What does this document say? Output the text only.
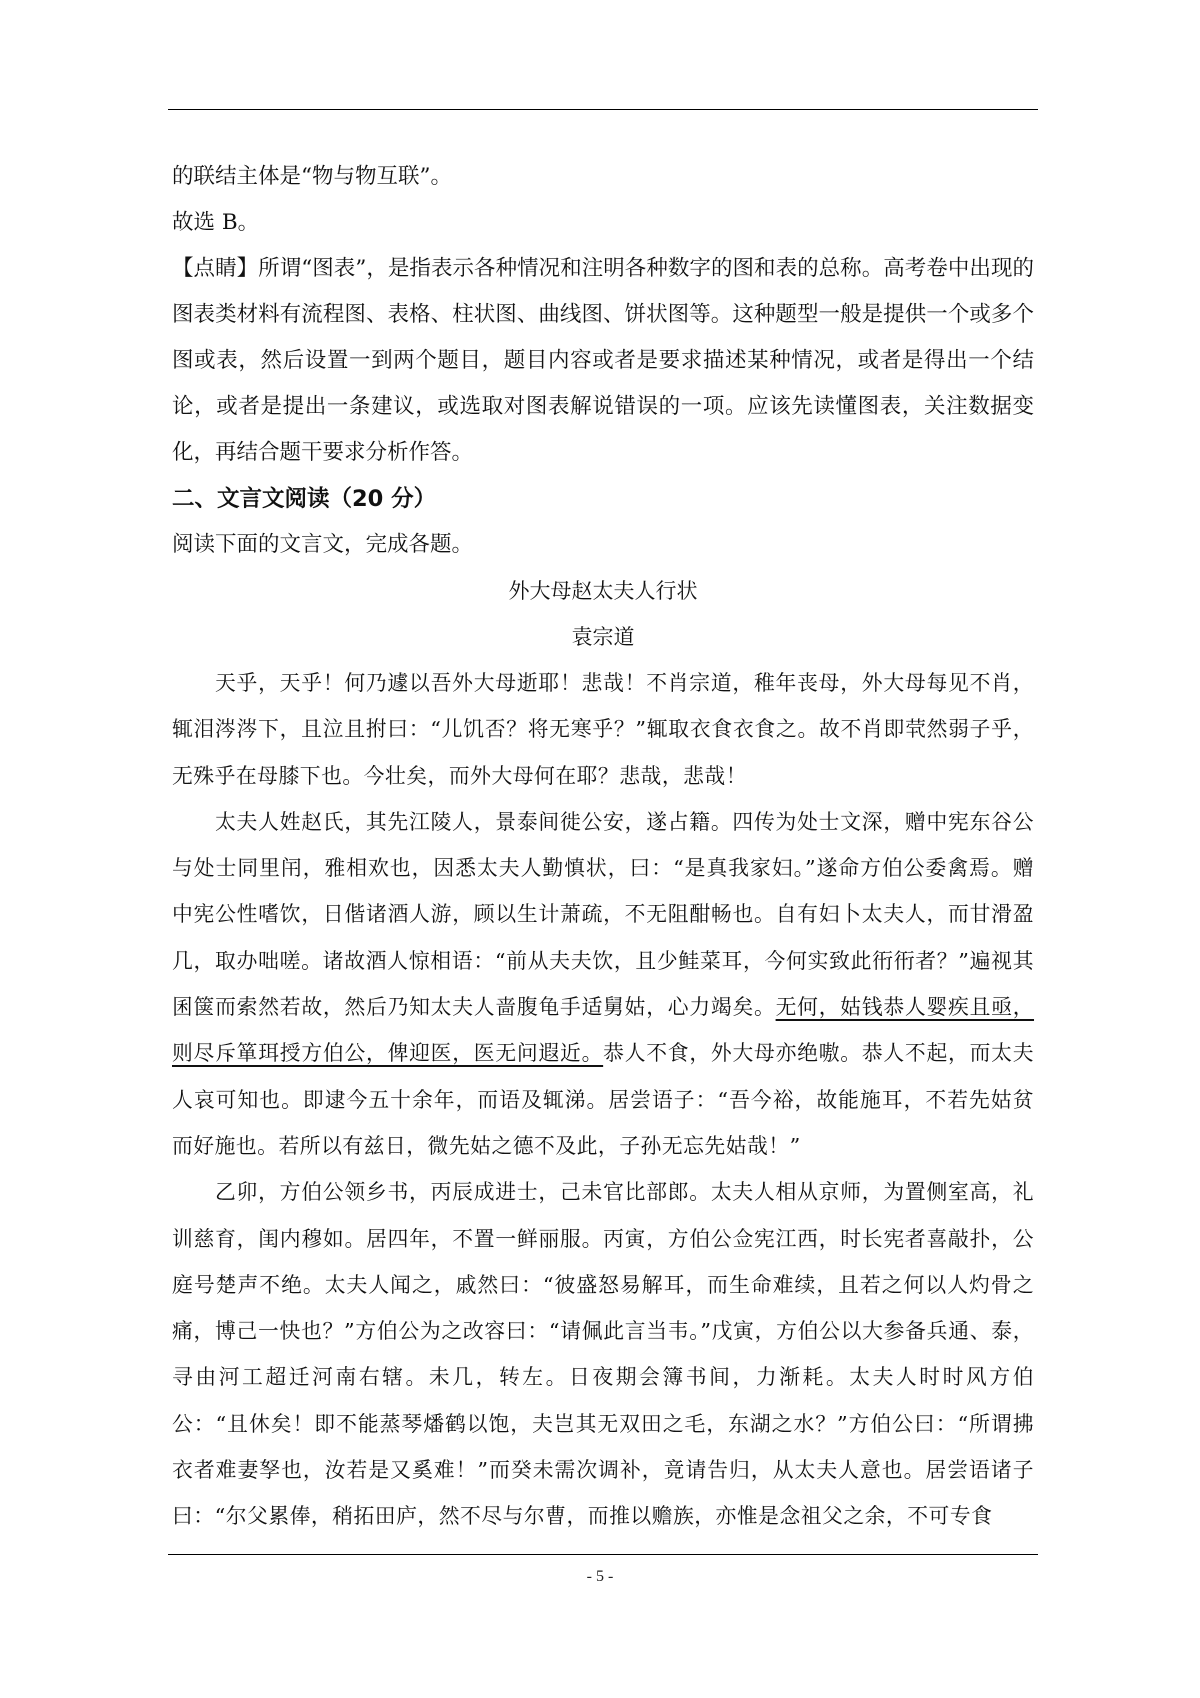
的联结主体是“物与物互联”。

故选 B。

【点睛】所谓“图表”，是指表示各种情况和注明各种数字的图和表的总称。高考卷中出现的图表类材料有流程图、表格、柱状图、曲线图、饼状图等。这种题型一般是提供一个或多个图或表，然后设置一到两个题目，题目内容或者是要求描述某种情况，或者是得出一个结论，或者是提出一条建议，或选取对图表解说错误的一项。应该先读懂图表，关注数据变化，再结合题干要求分析作答。

二、文言文阅读（20 分）

阅读下面的文言文，完成各题。

外大母赵太夫人行状

袁宗道

天乎，天乎！何乃遽以吾外大母逝耶！悲哉！不肖宗道，稚年丧母，外大母每见不肖，辄泪涔涔下，且泣且拊曰：“儿饥否？将无寒乎？”辄取衣食衣食之。故不肖即茕然弱子乎，无殊乎在母膝下也。今壮矣，而外大母何在耶？悲哉，悲哉！

太夫人姓赵氏，其先江陵人，景泰间徙公安，遂占籍。四传为处士文深，赠中宪东谷公与处士同里闬，雅相欢也，因悉太夫人勤慎状，曰：“是真我家妇。”遂命方伯公委禽焉。赠中宪公性嗜饮，日偕诸酒人游，顾以生计萧疏，不无阻酣畅也。自有妇卜太夫人，而甘滑盈几，取办咄嗟。诸故酒人惊相语：“前从夫夫饮，且少鲑菜耳，今何实致此衎衎者？”遍视其囷箧而索然若故，然后乃知太夫人啬腹龟手适舅姑，心力竭矣。无何，姑钱恭人婴疾且亟，则尽斥箪珥授方伯公，俾迎医，医无问遐近。恭人不食，外大母亦绝嗷。恭人不起，而太夫人哀可知也。即逮今五十余年，而语及辄涕。居尝语子：“吾今裕，故能施耳，不若先姑贫而好施也。若所以有兹日，微先姑之德不及此，子孙无忘先姑哉！”

乙卯，方伯公领乡书，丙辰成进士，己未官比部郎。太夫人相从京师，为置侧室高，礼训慈育，闺内穆如。居四年，不置一鲜丽服。丙寅，方伯公佥宪江西，时长宪者喜敲扑，公庭号楚声不绝。太夫人闻之，戚然曰：“彼盛怒易解耳，而生命难续，且若之何以人灼骨之痛，博己一快也？”方伯公为之改容曰：“请佩此言当韦。”戊寅，方伯公以大参备兵通、泰，寻由河工超迁河南右辖。未几，转左。日夜期会簿书间，力渐耗。太夫人时时风方伯公：“且休矣！即不能蒸琴燔鹤以饱，夫岂其无双田之毛，东湖之水？”方伯公曰：“所谓拂衣者难妻孥也，汝若是又奚难！”而癸未需次调补，竟请告归，从太夫人意也。居尝语诸子曰：“尔父累俸，稍拓田庐，然不尽与尔曹，而推以赡族，亦惟是念祖父之余，不可专食

- 5 -
